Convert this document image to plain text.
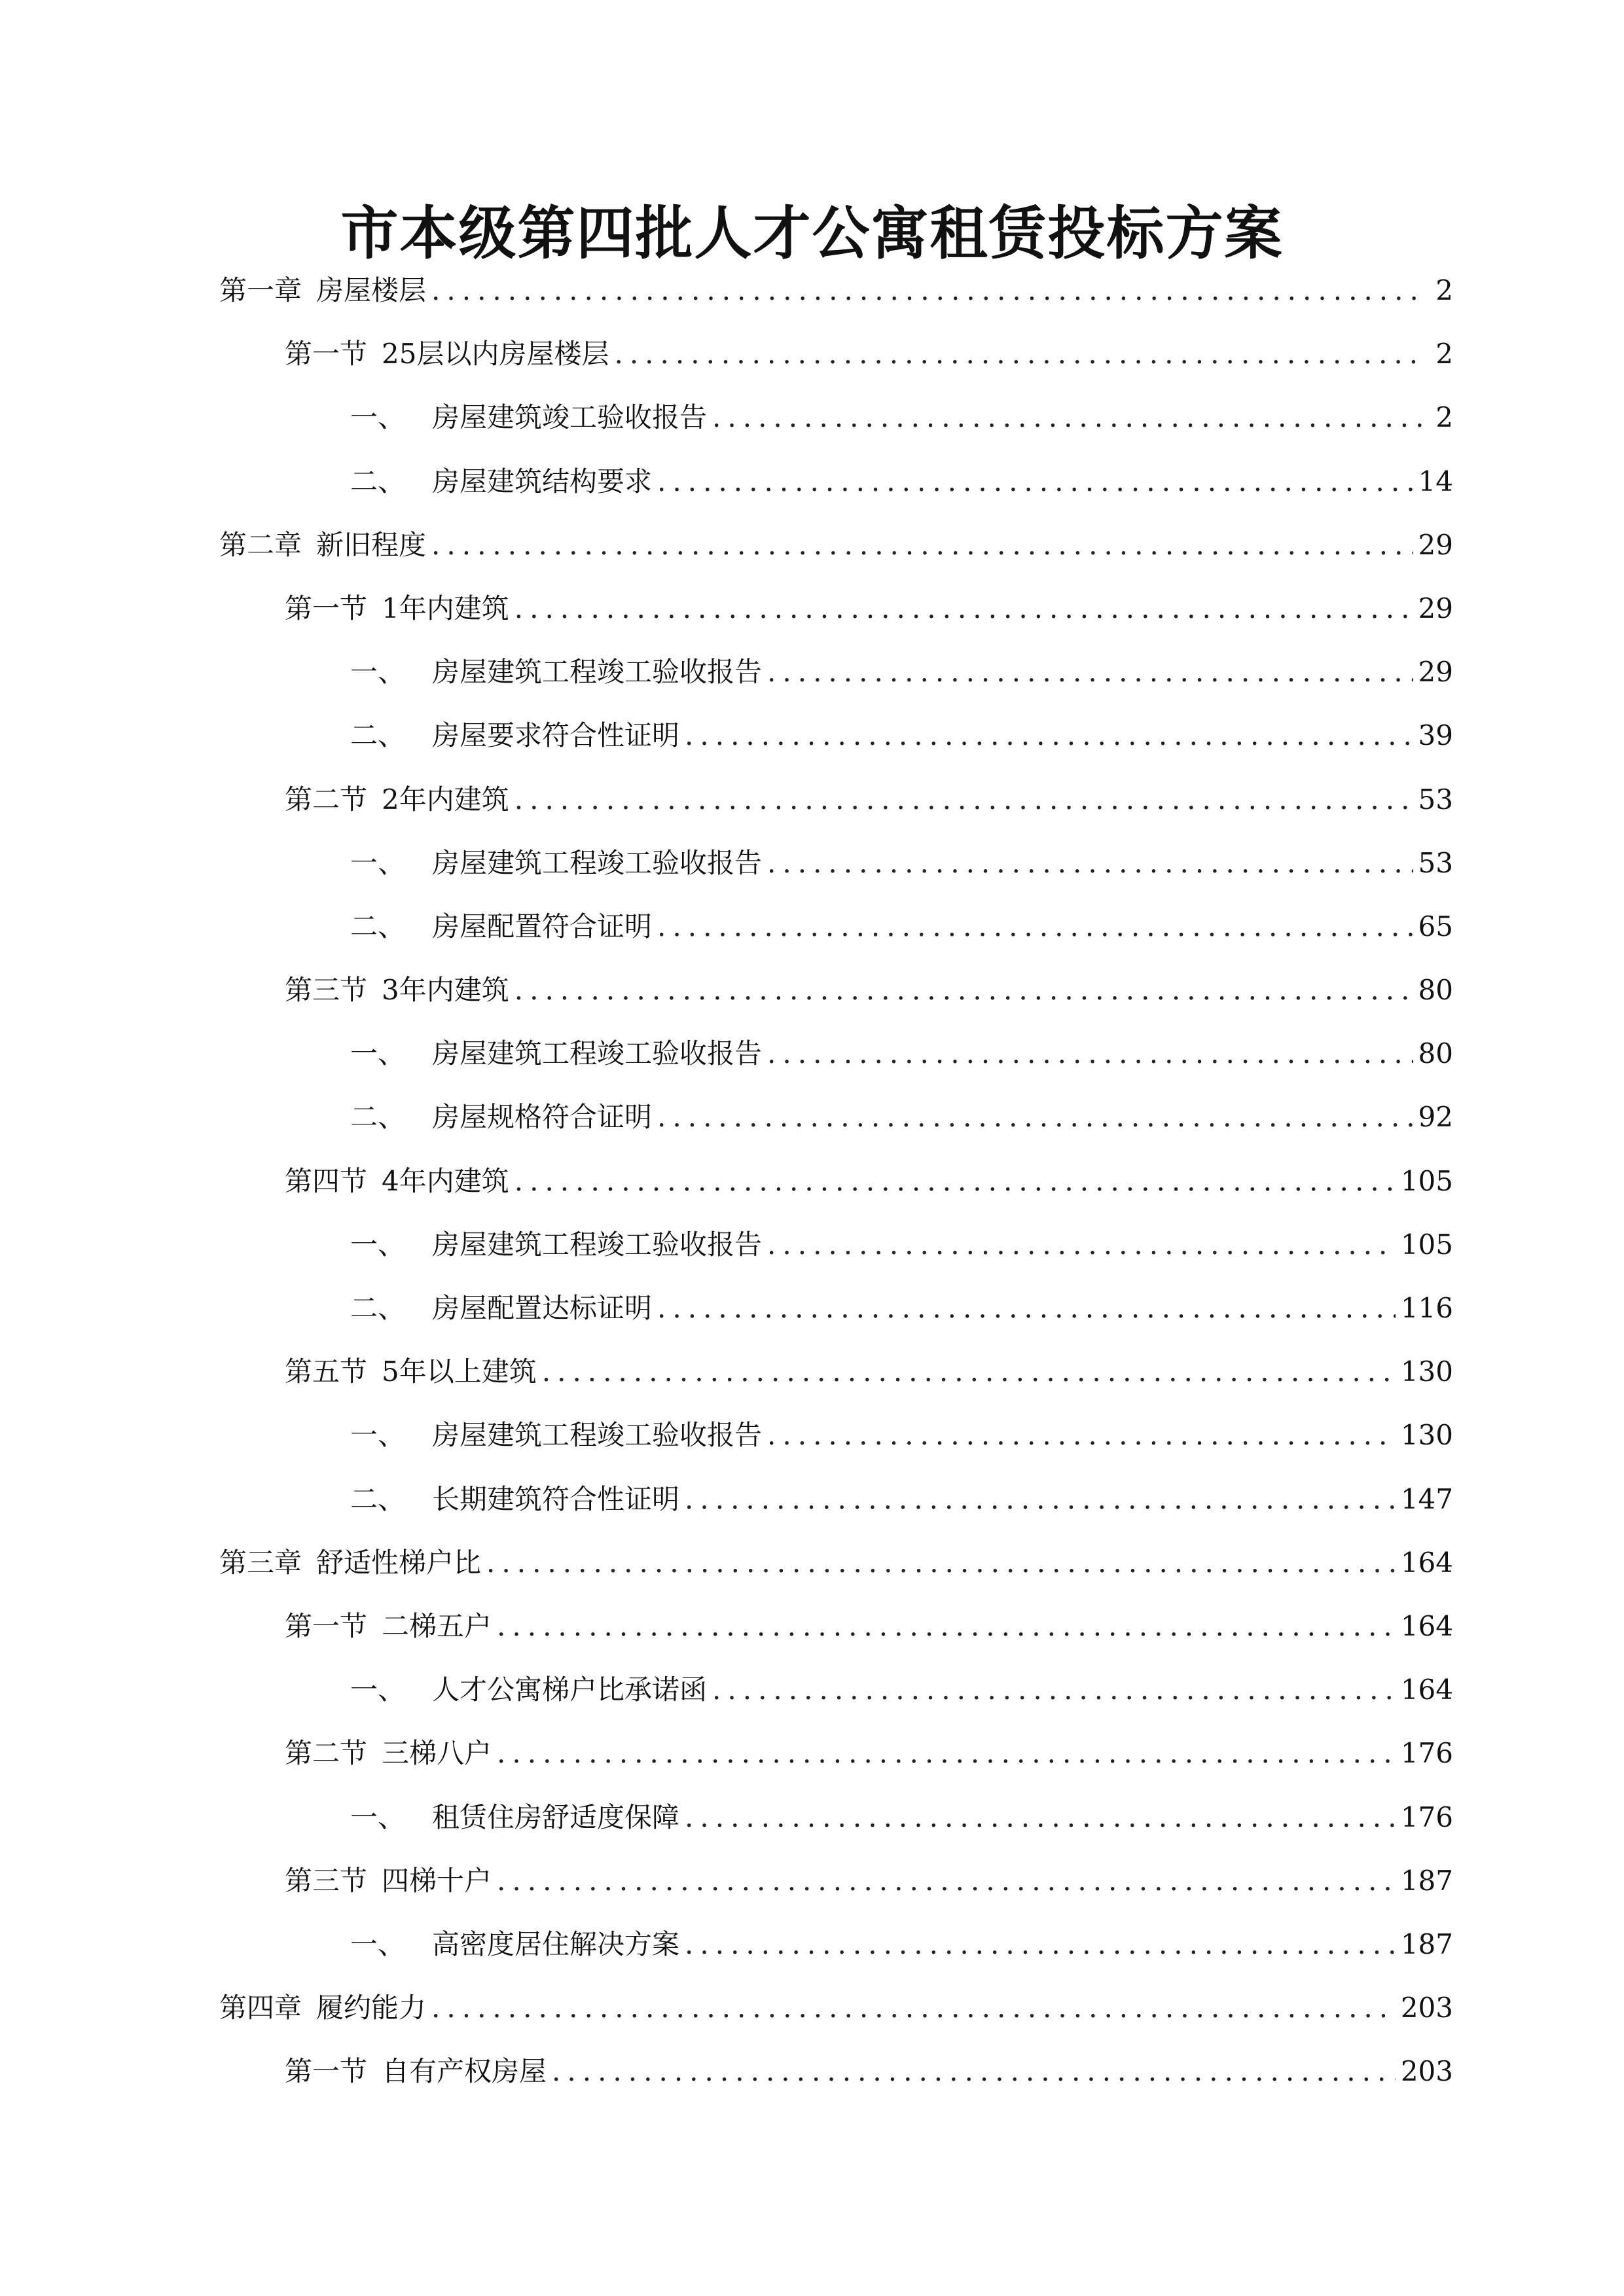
市本级第四批人才公寓租赁投标方案
第一章 房屋楼层 .....	2
第一节 25层以内房屋楼层 .....	2
一、 房屋建筑竣工验收报告 .....	2
二、 房屋建筑结构要求 .....	14
第二章 新旧程度 .....	29
第一节 1年内建筑 .....	29
一、 房屋建筑工程竣工验收报告 .....	29
二、 房屋要求符合性证明 .....	39
第二节 2年内建筑 .....	53
一、 房屋建筑工程竣工验收报告 .....	53
二、 房屋配置符合证明 .....	65
第三节 3年内建筑 .....	80
一、 房屋建筑工程竣工验收报告 .....	80
二、 房屋规格符合证明 .....	92
第四节 4年内建筑 .....	105
一、 房屋建筑工程竣工验收报告 .....	105
二、 房屋配置达标证明 .....	116
第五节 5年以上建筑 .....	130
一、 房屋建筑工程竣工验收报告 .....	130
二、 长期建筑符合性证明 .....	147
第三章 舒适性梯户比 .....	164
第一节 二梯五户 .....	164
一、 人才公寓梯户比承诺函 .....	164
第二节 三梯八户 .....	176
一、 租赁住房舒适度保障 .....	176
第三节 四梯十户 .....	187
一、 高密度居住解决方案 .....	187
第四章 履约能力 .....	203
第一节 自有产权房屋 .....	203
